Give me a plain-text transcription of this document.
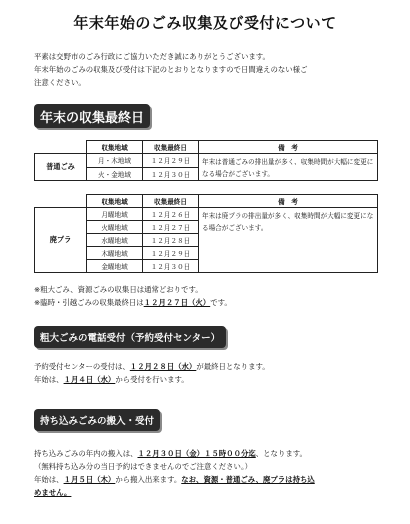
年末年始のごみ収集及び受付について
平素は交野市のごみ行政にご協力いただき誠にありがとうございます。
年末年始のごみの収集及び受付は下記のとおりとなりますので日間違えのない様ご
注意ください。
年末の収集最終日
	収集地域	収集最終日	備　考
普通ごみ	月・木地域	１２月２９日	年末は普通ごみの排出量が多く、収集時間が大幅に変更になる場合がございます。
	火・金地域	１２月３０日	
	収集地域	収集最終日	備　考
廃プラ	月曜地域	１２月２６日	年末は廃プラの排出量が多く、収集時間が大幅に変更になる場合がございます。
	火曜地域	１２月２７日	
	水曜地域	１２月２８日	
	木曜地域	１２月２９日	
	金曜地域	１２月３０日	
※粗大ごみ、資源ごみの収集日は通常どおりです。
※臨時・引越ごみの収集最終日は１２月２７日（火）です。
粗大ごみの電話受付（予約受付センター）
予約受付センターの受付は、１２月２８日（水）が最終日となります。
年始は、１月４日（水）から受付を行います。
持ち込みごみの搬入・受付
持ち込みごみの年内の搬入は、１２月３０日（金）１５時００分迄、となります。
（無料持ち込み分の当日予約はできませんのでご注意ください。）
年始は、１月５日（木）から搬入出来ます。なお、資源・普通ごみ、廃プラは持ち込
めません。
